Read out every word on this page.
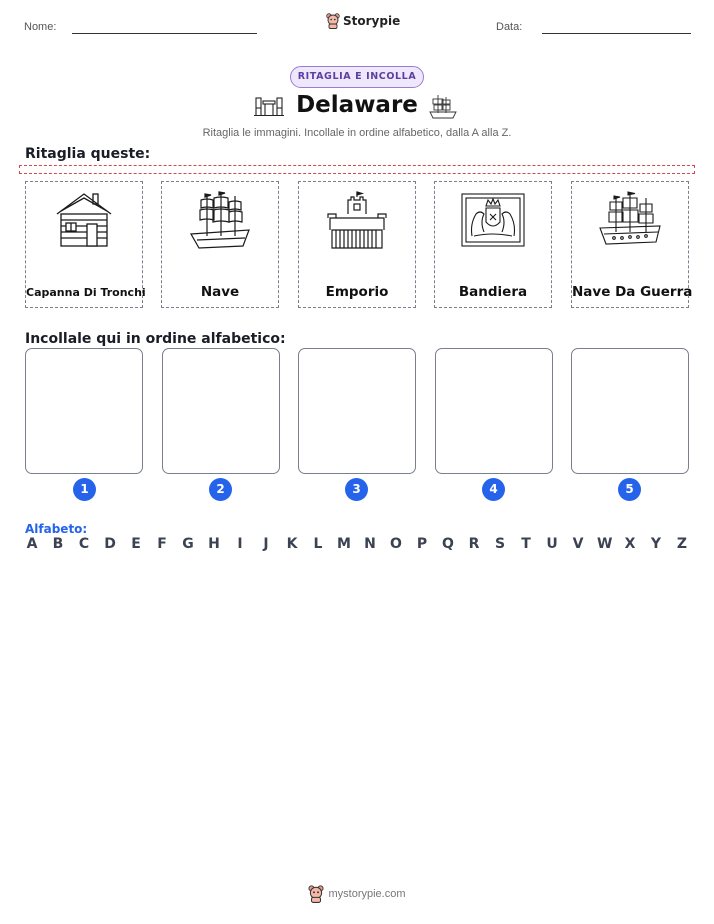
Nome:	Storypie	Data:
RITAGLIA E INCOLLA
Delaware
Ritaglia le immagini. Incollale in ordine alfabetico, dalla A alla Z.
Ritaglia queste:
Capanna Di Tronchi	Nave	Emporio	Bandiera	Nave Da Guerra
Incollale qui in ordine alfabetico:
1	2	3	4	5
Alfabeto:
A B C D E F G H	I	J	K L M N O P Q R S T U V W X Y Z
mystorypie.com
